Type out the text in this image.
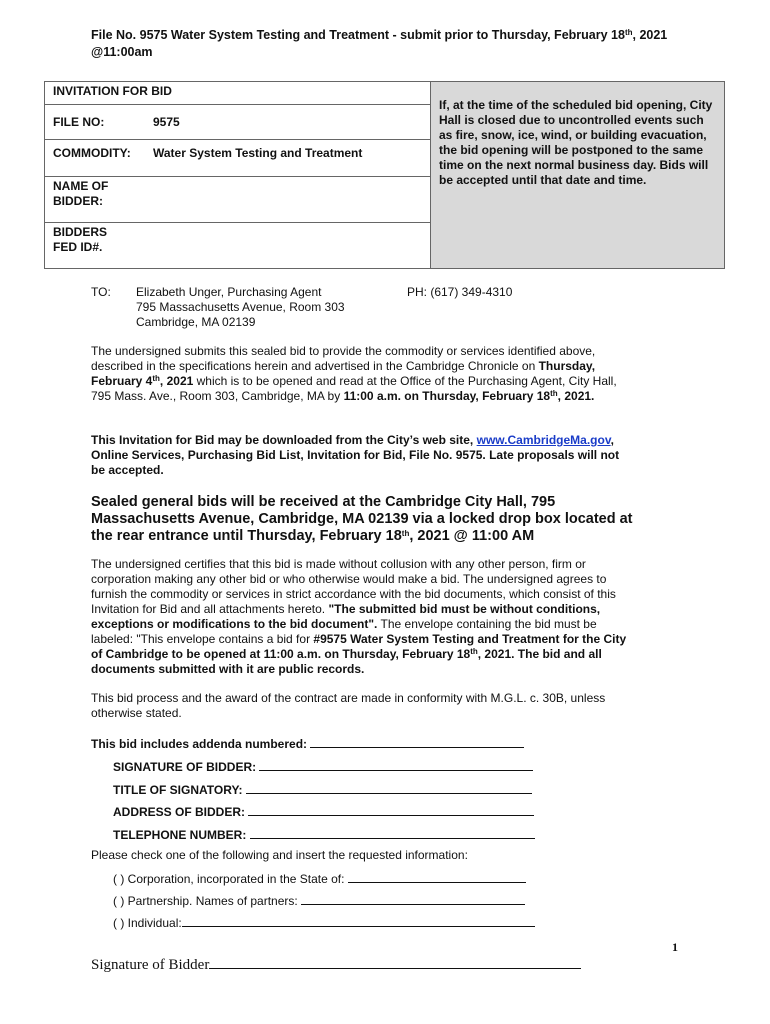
File No. 9575 Water System Testing and Treatment - submit prior to Thursday, February 18th, 2021
@11:00am
INVITATION FOR BID
FILE NO:	9575
COMMODITY: Water System Testing and Treatment
NAME OF
BIDDER:
BIDDERS
FED ID#.
If, at the time of the scheduled bid opening, City Hall is closed due to uncontrolled events such as fire, snow, ice, wind, or building evacuation, the bid opening will be postponed to the same time on the next normal business day. Bids will be accepted until that date and time.
TO: Elizabeth Unger, Purchasing Agent
795 Massachusetts Avenue, Room 303
Cambridge, MA 02139
PH: (617) 349-4310

The undersigned submits this sealed bid to provide the commodity or services identified above, described in the specifications herein and advertised in the Cambridge Chronicle on Thursday, February 4th, 2021 which is to be opened and read at the Office of the Purchasing Agent, City Hall, 795 Mass. Ave., Room 303, Cambridge, MA by 11:00 a.m. on Thursday, February 18th, 2021.

This Invitation for Bid may be downloaded from the City’s web site, www.CambridgeMa.gov, Online Services, Purchasing Bid List, Invitation for Bid, File No. 9575. Late proposals will not be accepted.

Sealed general bids will be received at the Cambridge City Hall, 795 Massachusetts Avenue, Cambridge, MA 02139 via a locked drop box located at the rear entrance until Thursday, February 18th, 2021 @ 11:00 AM

The undersigned certifies that this bid is made without collusion with any other person, firm or corporation making any other bid or who otherwise would make a bid. The undersigned agrees to furnish the commodity or services in strict accordance with the bid documents, which consist of this Invitation for Bid and all attachments hereto. "The submitted bid must be without conditions, exceptions or modifications to the bid document". The envelope containing the bid must be labeled: "This envelope contains a bid for #9575 Water System Testing and Treatment for the City of Cambridge to be opened at 11:00 a.m. on Thursday, February 18th, 2021. The bid and all documents submitted with it are public records.

This bid process and the award of the contract are made in conformity with M.G.L. c. 30B, unless otherwise stated.

This bid includes addenda numbered:
SIGNATURE OF BIDDER:
TITLE OF SIGNATORY:
ADDRESS OF BIDDER:
TELEPHONE NUMBER:
Please check one of the following and insert the requested information:
( ) Corporation, incorporated in the State of:
( ) Partnership. Names of partners:
( ) Individual:
1
Signature of Bidder
